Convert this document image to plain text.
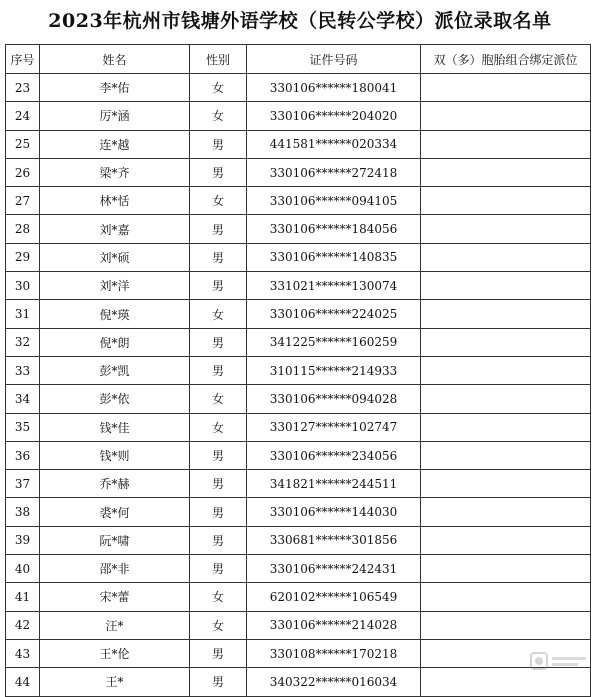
2023年杭州市钱塘外语学校（民转公学校）派位录取名单
序号	姓名	性别	证件号码	双（多）胞胎组合绑定派位
23	李*佑	女	330106******180041	
24	厉*涵	女	330106******204020	
25	连*越	男	441581******020334	
26	梁*齐	男	330106******272418	
27	林*恬	女	330106******094105	
28	刘*嘉	男	330106******184056	
29	刘*硕	男	330106******140835	
30	刘*洋	男	331021******130074	
31	倪*瑛	女	330106******224025	
32	倪*朗	男	341225******160259	
33	彭*凯	男	310115******214933	
34	彭*依	女	330106******094028	
35	钱*佳	女	330127******102747	
36	钱*则	男	330106******234056	
37	乔*赫	男	341821******244511	
38	裘*何	男	330106******144030	
39	阮*啸	男	330681******301856	
40	邵*非	男	330106******242431	
41	宋*蕾	女	620102******106549	
42	汪*	女	330106******214028	
43	王*伦	男	330108******170218	
44	王*	男	340322******016034	
